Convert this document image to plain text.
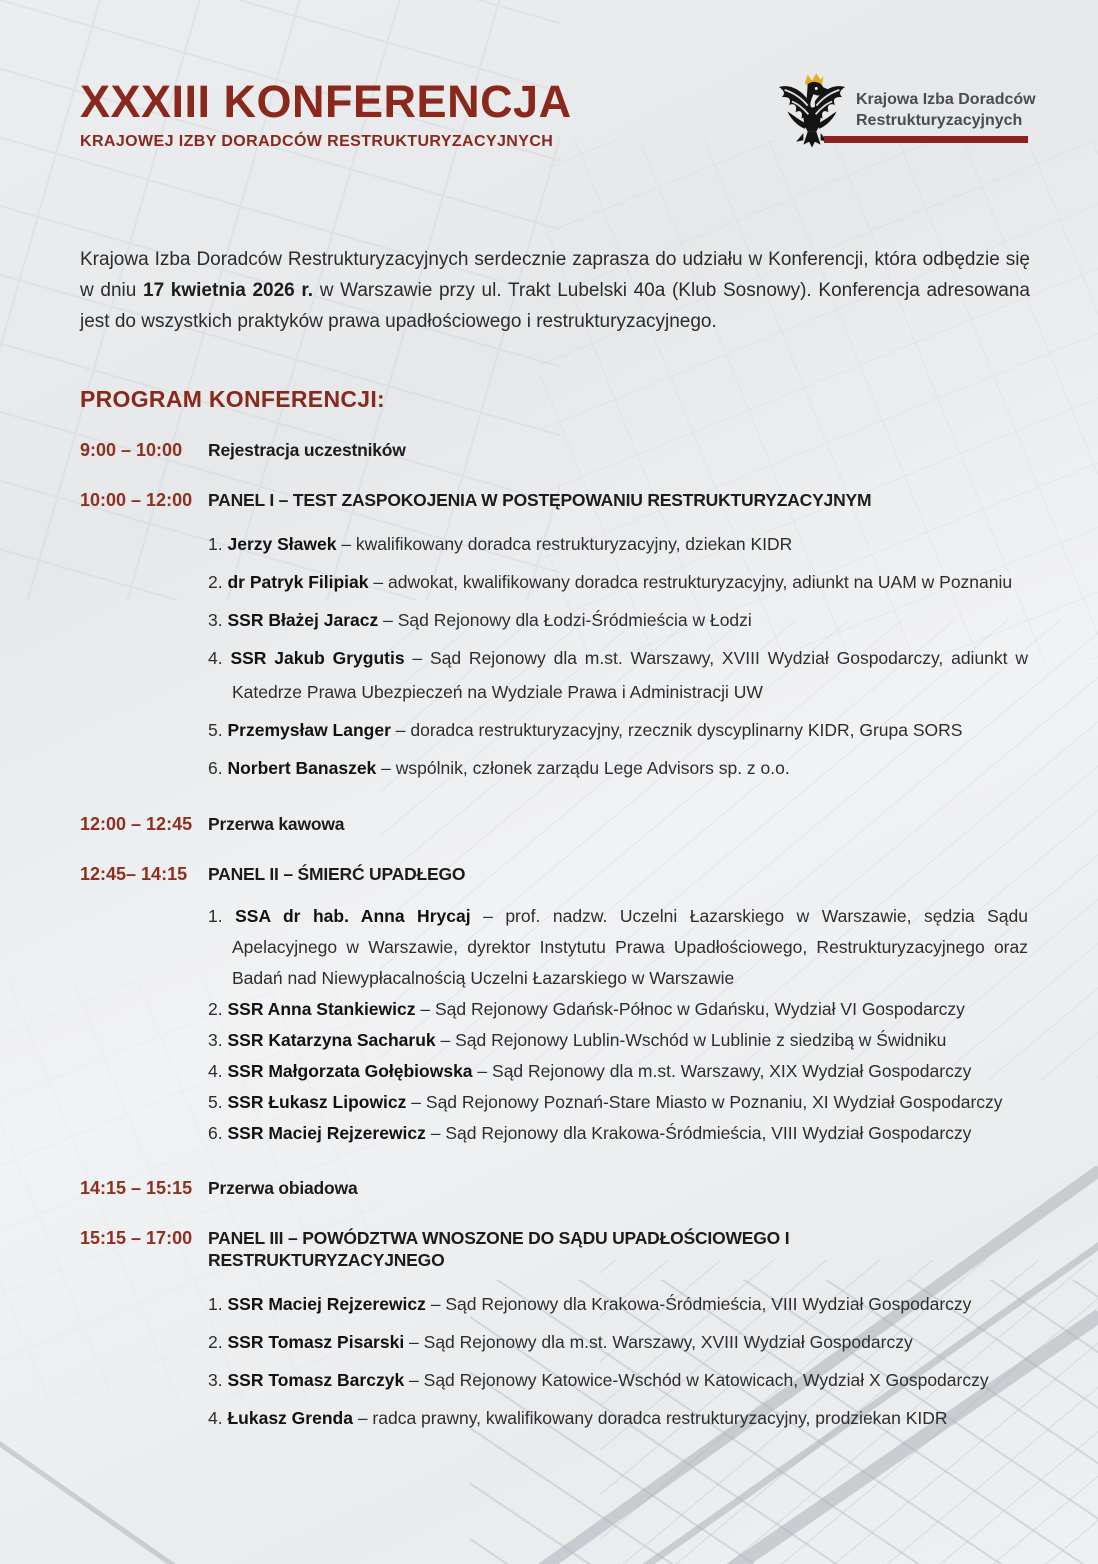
XXXIII KONFERENCJA
KRAJOWEJ IZBY DORADCÓW RESTRUKTURYZACYJNYCH
Krajowa Izba Doradców
Restrukturyzacyjnych

Krajowa Izba Doradców Restrukturyzacyjnych serdecznie zaprasza do udziału w Konferencji, która odbędzie się w dniu 17 kwietnia 2026 r. w Warszawie przy ul. Trakt Lubelski 40a (Klub Sosnowy). Konferencja adresowana jest do wszystkich praktyków prawa upadłościowego i restrukturyzacyjnego.

PROGRAM KONFERENCJI:
9:00 – 10:00	Rejestracja uczestników
10:00 – 12:00 PANEL I – TEST ZASPOKOJENIA W POSTĘPOWANIU RESTRUKTURYZACYJNYM
1. Jerzy Sławek – kwalifikowany doradca restrukturyzacyjny, dziekan KIDR
2. dr Patryk Filipiak – adwokat, kwalifikowany doradca restrukturyzacyjny, adiunkt na UAM w Poznaniu
3. SSR Błażej Jaracz – Sąd Rejonowy dla Łodzi-Śródmieścia w Łodzi
4. SSR Jakub Grygutis – Sąd Rejonowy dla m.st. Warszawy, XVIII Wydział Gospodarczy, adiunkt w Katedrze Prawa Ubezpieczeń na Wydziale Prawa i Administracji UW
5. Przemysław Langer – doradca restrukturyzacyjny, rzecznik dyscyplinarny KIDR, Grupa SORS
6. Norbert Banaszek – wspólnik, członek zarządu Lege Advisors sp. z o.o.
12:00 – 12:45 Przerwa kawowa
12:45– 14:15	PANEL II – ŚMIERĆ UPADŁEGO
1. SSA dr hab. Anna Hrycaj – prof. nadzw. Uczelni Łazarskiego w Warszawie, sędzia Sądu Apelacyjnego w Warszawie, dyrektor Instytutu Prawa Upadłościowego, Restrukturyzacyjnego oraz Badań nad Niewypłacalnością Uczelni Łazarskiego w Warszawie
2. SSR Anna Stankiewicz – Sąd Rejonowy Gdańsk-Północ w Gdańsku, Wydział VI Gospodarczy
3. SSR Katarzyna Sacharuk – Sąd Rejonowy Lublin-Wschód w Lublinie z siedzibą w Świdniku
4. SSR Małgorzata Gołębiowska – Sąd Rejonowy dla m.st. Warszawy, XIX Wydział Gospodarczy
5. SSR Łukasz Lipowicz – Sąd Rejonowy Poznań-Stare Miasto w Poznaniu, XI Wydział Gospodarczy
6. SSR Maciej Rejzerewicz – Sąd Rejonowy dla Krakowa-Śródmieścia, VIII Wydział Gospodarczy
14:15 – 15:15 Przerwa obiadowa
15:15 – 17:00 PANEL III – POWÓDZTWA WNOSZONE DO SĄDU UPADŁOŚCIOWEGO I RESTRUKTURYZACYJNEGO
1. SSR Maciej Rejzerewicz – Sąd Rejonowy dla Krakowa-Śródmieścia, VIII Wydział Gospodarczy
2. SSR Tomasz Pisarski – Sąd Rejonowy dla m.st. Warszawy, XVIII Wydział Gospodarczy
3. SSR Tomasz Barczyk – Sąd Rejonowy Katowice-Wschód w Katowicach, Wydział X Gospodarczy
4. Łukasz Grenda – radca prawny, kwalifikowany doradca restrukturyzacyjny, prodziekan KIDR
